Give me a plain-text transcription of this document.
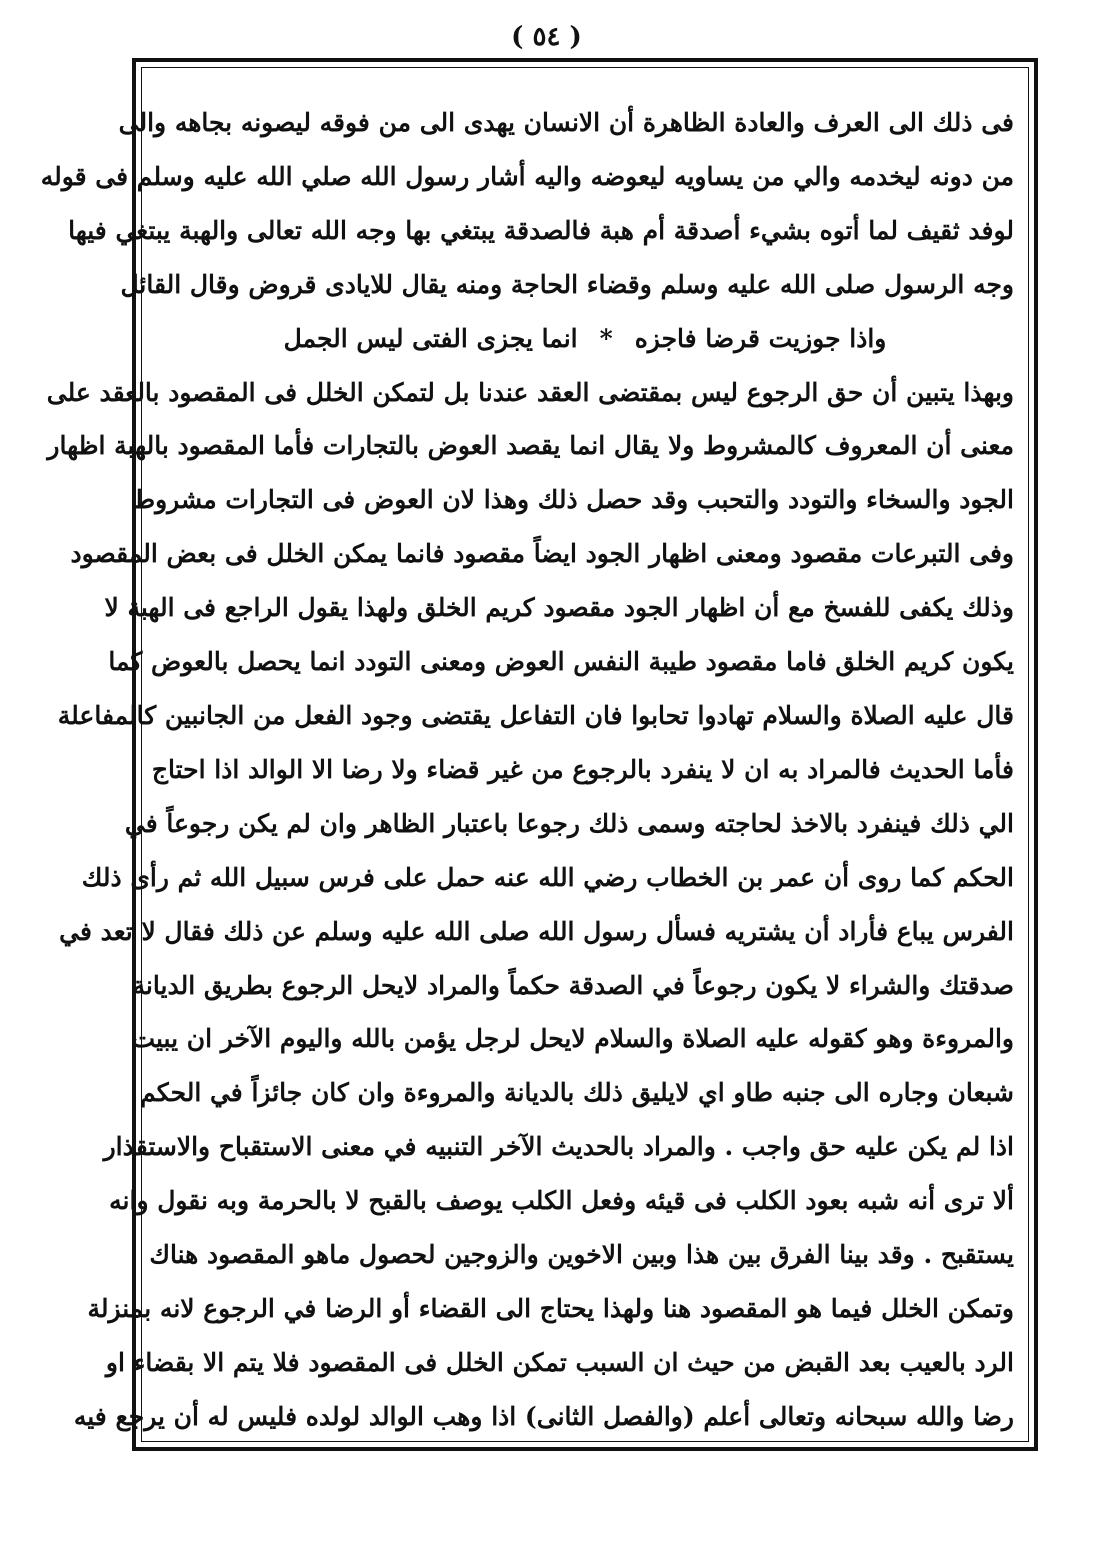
( ٥٤ )
فى ذلك الى العرف والعادة الظاهرة أن الانسان يهدى الى من فوقه ليصونه بجاهه والى
من دونه ليخدمه والي من يساويه ليعوضه واليه أشار رسول الله صلي الله عليه وسلم فى قوله
لوفد ثقيف لما أتوه بشيء أصدقة أم هبة فالصدقة يبتغي بها وجه الله تعالى والهبة يبتغي فيها
وجه الرسول صلى الله عليه وسلم وقضاء الحاجة ومنه يقال للايادى قروض وقال القائل
واذا جوزيت قرضا فاجزه*انما يجزى الفتى ليس الجمل
وبهذا يتبين أن حق الرجوع ليس بمقتضى العقد عندنا بل لتمكن الخلل فى المقصود بالعقد على
معنى أن المعروف كالمشروط ولا يقال انما يقصد العوض بالتجارات فأما المقصود بالهبة اظهار
الجود والسخاء والتودد والتحبب وقد حصل ذلك وهذا لان العوض فى التجارات مشروط
وفى التبرعات مقصود ومعنى اظهار الجود ايضاً مقصود فانما يمكن الخلل فى بعض المقصود
وذلك يكفى للفسخ مع أن اظهار الجود مقصود كريم الخلق ولهذا يقول الراجع فى الهبة لا
يكون كريم الخلق فاما مقصود طيبة النفس العوض ومعنى التودد انما يحصل بالعوض كما
قال عليه الصلاة والسلام تهادوا تحابوا فان التفاعل يقتضى وجود الفعل من الجانبين كالمفاعلة
فأما الحديث فالمراد به ان لا ينفرد بالرجوع من غير قضاء ولا رضا الا الوالد اذا احتاج
الي ذلك فينفرد بالاخذ لحاجته وسمى ذلك رجوعا باعتبار الظاهر وان لم يكن رجوعاً في
الحكم كما روى أن عمر بن الخطاب رضي الله عنه حمل على فرس سبيل الله ثم رأى ذلك
الفرس يباع فأراد أن يشتريه فسأل رسول الله صلى الله عليه وسلم عن ذلك فقال لا تعد في
صدقتك والشراء لا يكون رجوعاً في الصدقة حكماً والمراد لايحل الرجوع بطريق الديانة
والمروءة وهو كقوله عليه الصلاة والسلام لايحل لرجل يؤمن بالله واليوم الآخر ان يبيت
شبعان وجاره الى جنبه طاو اي لايليق ذلك بالديانة والمروءة وان كان جائزاً في الحكم
اذا لم يكن عليه حق واجب . والمراد بالحديث الآخر التنبيه في معنى الاستقباح والاستقذار
ألا ترى أنه شبه بعود الكلب فى قيئه وفعل الكلب يوصف بالقبح لا بالحرمة وبه نقول وانه
يستقبح . وقد بينا الفرق بين هذا وبين الاخوين والزوجين لحصول ماهو المقصود هناك
وتمكن الخلل فيما هو المقصود هنا ولهذا يحتاج الى القضاء أو الرضا في الرجوع لانه بمنزلة
الرد بالعيب بعد القبض من حيث ان السبب تمكن الخلل فى المقصود فلا يتم الا بقضاء او
رضا والله سبحانه وتعالى أعلم (والفصل الثانى) اذا وهب الوالد لولده فليس له أن يرجع فيه
